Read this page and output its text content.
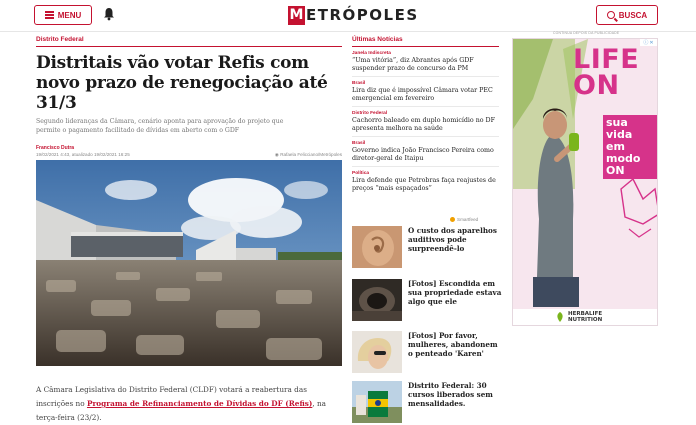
MENU	M ETRÓPOLES	BUSCA
Distrito Federal
Distritais vão votar Refis com novo prazo de renegociação até 31/3

Segundo lideranças da Câmara, cenário aponta para aprovação do projeto que permite o pagamento facilitado de dívidas em aberto com o GDF

Francisco Dutra
19/02/2021 4:43, atualizado 19/02/2021 16:25	◉ Rafaela Felicciano/Metrópoles

A Câmara Legislativa do Distrito Federal (CLDF) votará a reabertura das inscrições no Programa de Refinanciamento de Dívidas do DF (Refis), na terça-feira (23/2).

Últimas Notícias
Janela Indiscreta
“Uma vitória”, diz Abrantes após GDF suspender prazo de concurso da PM
Brasil
Lira diz que é impossível Câmara votar PEC emergencial em fevereiro
Distrito Federal
Cachorro baleado em duplo homicídio no DF apresenta melhora na saúde
Brasil
Governo indica João Francisco Pereira como diretor-geral de Itaipu
Política
Lira defende que Petrobras faça reajustes de preços “mais espaçados”
Smartfeed
O custo dos aparelhos auditivos pode surpreendê-lo
[Fotos] Escondida em sua propriedade estava algo que ele
[Fotos] Por favor, mulheres, abandonem o penteado 'Karen'
Distrito Federal: 30 cursos liberados sem mensalidades.
CONTINUA DEPOIS DA PUBLICIDADE
LIFE
ON
sua
vida
em
modo
ON
HERBALIFE
NUTRITION
ⓘ ✕
